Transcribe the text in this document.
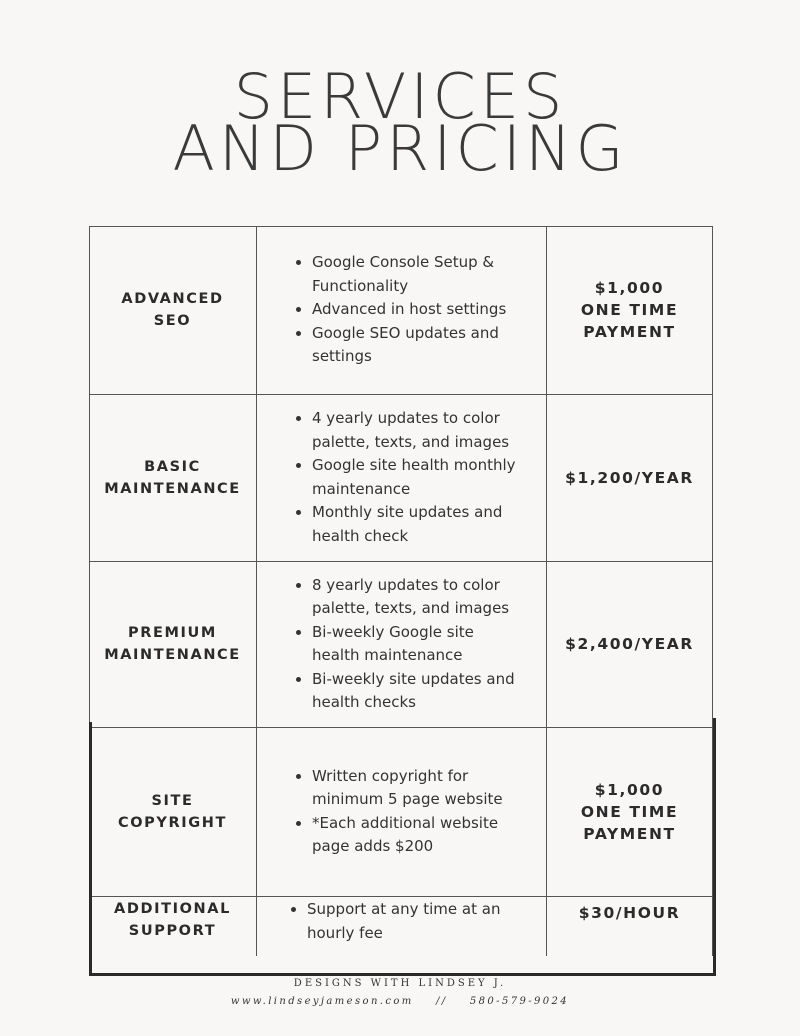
SERVICES
AND PRICING
ADVANCED
SEO
• Google Console Setup & Functionality
• Advanced in host settings
• Google SEO updates and settings
$1,000
ONE TIME
PAYMENT
BASIC
MAINTENANCE
• 4 yearly updates to color palette, texts, and images
• Google site health monthly maintenance
• Monthly site updates and health check
$1,200/YEAR
PREMIUM
MAINTENANCE
• 8 yearly updates to color palette, texts, and images
• Bi-weekly Google site health maintenance
• Bi-weekly site updates and health checks
$2,400/YEAR
SITE
COPYRIGHT
• Written copyright for minimum 5 page website
• *Each additional website page adds $200
$1,000
ONE TIME
PAYMENT
ADDITIONAL
SUPPORT
• Support at any time at an hourly fee
$30/HOUR
DESIGNS WITH LINDSEY J.
www.lindseyjameson.com // 580-579-9024
